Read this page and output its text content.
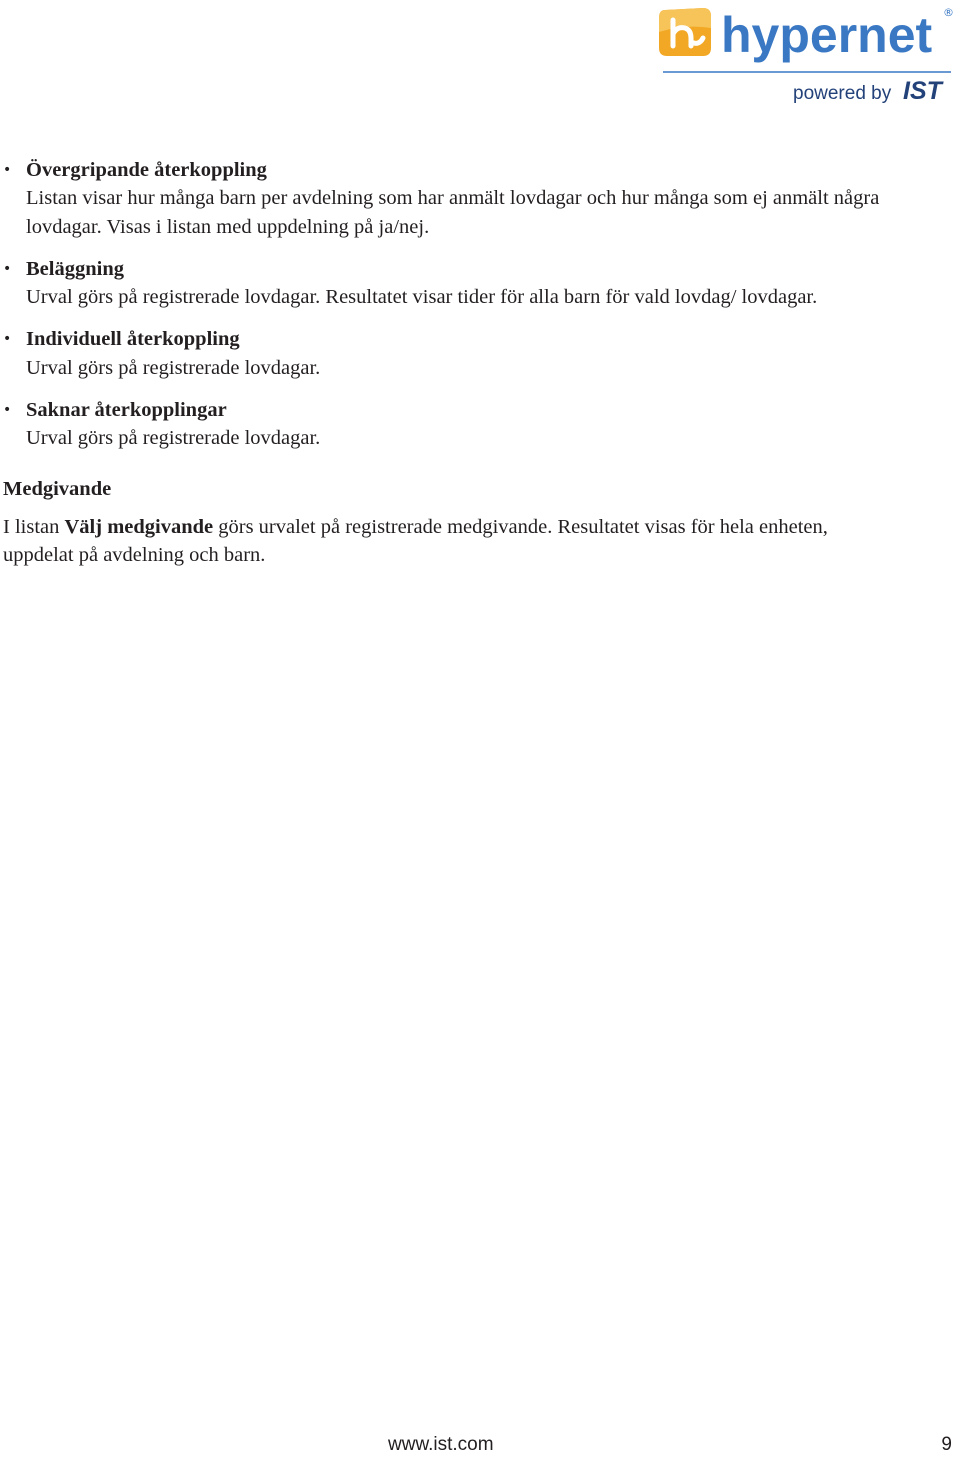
hypernet ®
powered by IST
• Övergripande återkoppling
Listan visar hur många barn per avdelning som har anmält lovdagar och hur många som ej anmält några lovdagar. Visas i listan med uppdelning på ja/nej.
• Beläggning
Urval görs på registrerade lovdagar. Resultatet visar tider för alla barn för vald lovdag/ lovdagar.
• Individuell återkoppling
Urval görs på registrerade lovdagar.
• Saknar återkopplingar
Urval görs på registrerade lovdagar.
Medgivande

I listan Välj medgivande görs urvalet på registrerade medgivande. Resultatet visas för hela enheten, uppdelat på avdelning och barn.

www.ist.com	9
